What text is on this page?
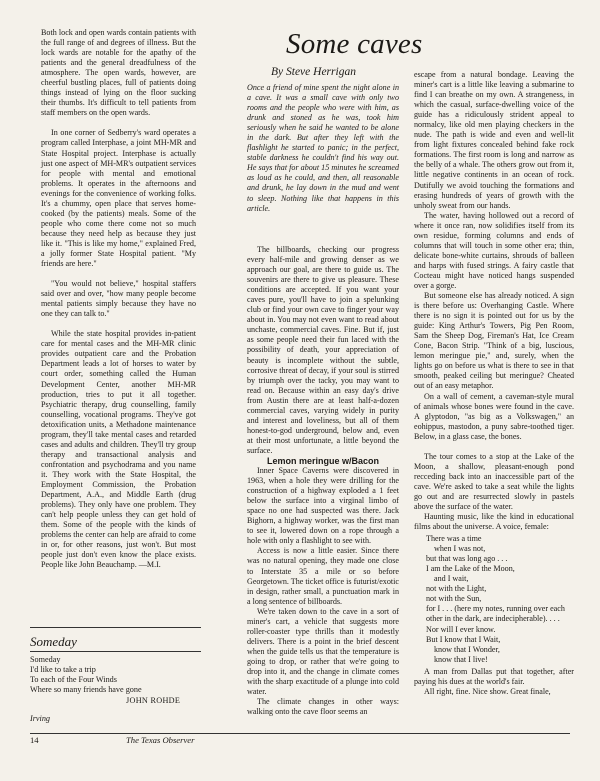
Both lock and open wards contain patients with the full range of and degrees of illness. But the lock wards are notable for the apathy of the patients and the general dreadfulness of the atmosphere. The open wards, however, are cheerful bustling places, full of patients doing things instead of lying on the floor sucking their thumbs. It's difficult to tell patients from staff members on the open wards.

In one corner of Sedberry's ward operates a program called Interphase, a joint MH-MR and State Hospital project. Interphase is actually just one aspect of MH-MR's outpatient services for people with mental and emotional problems. It operates in the afternoons and evenings for the convenience of working folks. It's a chummy, open place that serves home-cooked (by the patients) meals. Some of the people who come there come not so much because they need help as because they just like it. "This is like my home," explained Fred, a jolly former State Hospital patient. "My friends are here."

"You would not believe," hospital staffers said over and over, "how many people become mental patients simply because they have no one they can talk to."

While the state hospital provides in-patient care for mental cases and the MH-MR clinic provides outpatient care and the Probation Department leads a lot of horses to water by court order, something called the Human Development Center, another MH-MR production, tries to put it all together. Psychiatric therapy, drug counselling, family counselling, vocational programs. They've got detoxification units, a Methadone maintenance program, they'll take mental cases and retarded cases and adults and children. They'll try group therapy and transactional analysis and confrontation and psychodrama and you name it. They work with the State Hospital, the Employment Commission, the Probation Department, A.A., and Middle Earth (drug problems). They only have one problem. They can't help people unless they can get hold of them. Some of the people with the kinds of problems the center can help are afraid to come in or, for other reasons, just won't. But most people just don't even know the place exists. People like John Beauchamp. —M.I.

Someday
Someday
I'd like to take a trip
To each of the Four Winds
Where so many friends have gone
JOHN ROHDE
Irving
Some caves
By Steve Herrigan
Once a friend of mine spent the night alone in a cave. It was a small cave with only two rooms and the people who were with him, as drunk and stoned as he was, took him seriously when he said he wanted to be alone in the dark. But after they left with the flashlight he started to panic; in the perfect, stable darkness he couldn't find his way out. He says that for about 15 minutes he screamed as loud as he could, and then, all reasonable and drunk, he lay down in the mud and went to sleep. Nothing like that happens in this article.

The billboards, checking our progress every half-mile and growing denser as we approach our goal, are there to guide us. The souvenirs are there to give us pleasure. These conditions are accepted. If you want your caves pure, you'll have to join a spelunking club or find your own cave to finger your way about in. You may not even want to read about unchaste, commercial caves. Fine. But if, just as some people need their fun laced with the possibility of death, your appreciation of beauty is incomplete without the subtle, corrosive threat of decay, if your soul is stirred by triumph over the tacky, you may want to read on. Because within an easy day's drive from Austin there are at least half-a-dozen commercial caves, varying widely in purity and interest and loveliness, but all of them honest-to-god underground, below and, even at their most unfortunate, a little beyond the surface.

Lemon meringue w/Bacon

Inner Space Caverns were discovered in 1963, when a hole they were drilling for the construction of a highway exploded a 1 feet below the surface into a virginal limbo of space no one had suspected was there. Jack Bighorn, a highway worker, was the first man to see it, lowered down on a rope through a hole with only a flashlight to see with.

Access is now a little easier. Since there was no natural opening, they made one close to Interstate 35 a mile or so before Georgetown. The ticket office is futurist/exotic in design, rather small, a punctuation mark in a long sentence of billboards.

We're taken down to the cave in a sort of miner's cart, a vehicle that suggests more roller-coaster type thrills than it modestly delivers. There is a point in the brief descent when the guide tells us that the temperature is going to drop, or rather that we're going to drop into it, and the change in climate comes with the sharp exactitude of a plunge into cold water.

The climate changes in other ways: walking onto the cave floor seems an

escape from a natural bondage. Leaving the miner's cart is a little like leaving a submarine to find I can breathe on my own. A strangeness, in which the casual, surface-dwelling voice of the guide has a ridiculously strident appeal to normalcy, like old men playing checkers in the nude. The path is wide and even and well-lit from light fixtures concealed behind fake rock formations. The first room is long and narrow as the belly of a whale. The others grow out from it, little negative continents in an ocean of rock. Dutifully we avoid touching the formations and erasing hundreds of years of growth with the unholy sweat from our hands.

The water, having hollowed out a record of where it once ran, now solidifies itself from its own residue, forming columns and ends of columns that will touch in some other era; thin, delicate bone-white curtains, shrouds of balleen and harps with fused strings. A fairy castle that Cocteau might have noticed hangs suspended over a gorge.

But someone else has already noticed. A sign is there before us: Overhanging Castle. Where there is no sign it is pointed out for us by the guide: King Arthur's Towers, Pig Pen Room, Sam the Sheep Dog, Fireman's Hat, Ice Cream Cone, Bacon Strip. "Think of a big, luscious, lemon meringue pie," and, surely, when the lights go on before us what is there to see in that smooth, peaked ceiling but meringue? Cheated out of an easy metaphor.

On a wall of cement, a caveman-style mural of animals whose bones were found in the cave. A glyptodon, "as big as a Volkswagen," an eohippus, mastodon, a puny sabre-toothed tiger. Below, in a glass case, the bones.

The tour comes to a stop at the Lake of the Moon, a shallow, pleasant-enough pond recceding back into an inaccessible part of the cave. We're asked to take a seat while the lights go out and are resurrected slowly in pastels above the surface of the water.

Haunting music, like the kind in educational films about the universe. A voice, female:

There was a time
when I was not,
but that was long ago . . .
I am the Lake of the Moon,
and I wait,
not with the Light,
not with the Sun,
for I . . . (here my notes, running over each other in the dark, are indecipherable). . . .
Nor will I ever know.
But I know that I Wait,
know that I Wonder,
know that I live!

A man from Dallas put that together, after paying his dues at the world's fair.

All right, fine. Nice show. Great finale,

14	The Texas Observer
